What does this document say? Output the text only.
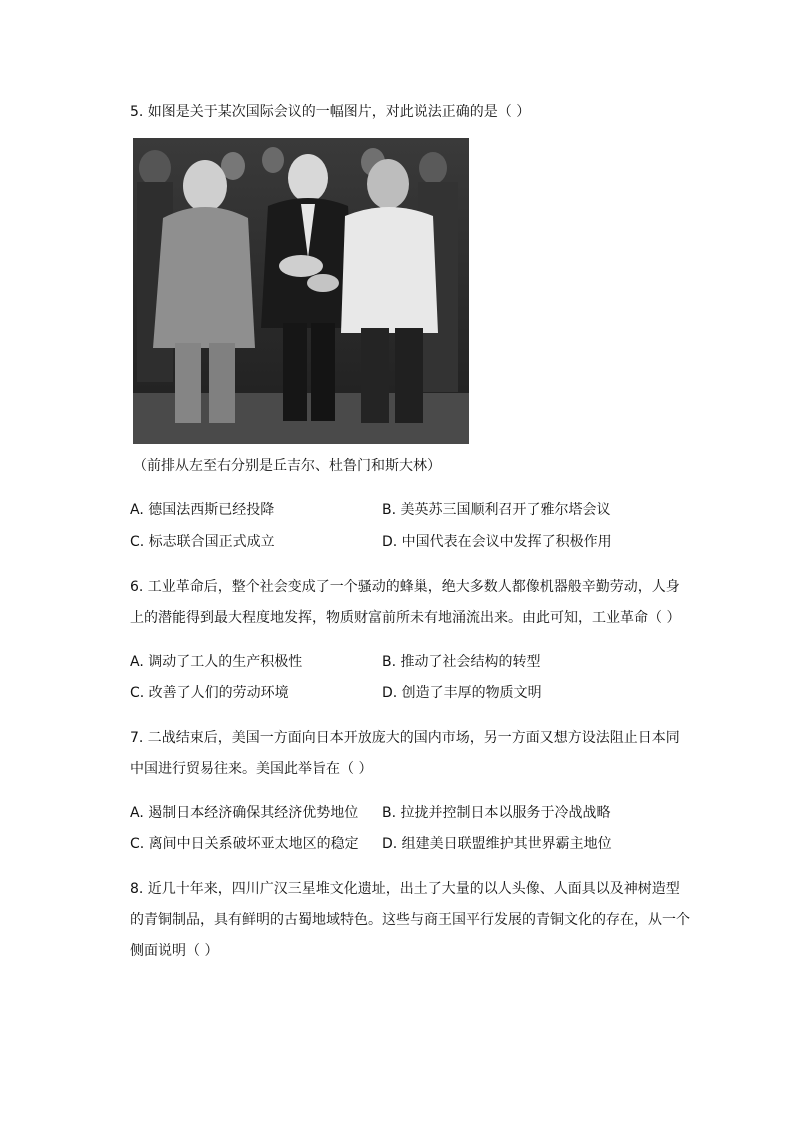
5. 如图是关于某次国际会议的一幅图片，对此说法正确的是（ ）
（前排从左至右分别是丘吉尔、杜鲁门和斯大林）
A. 德国法西斯已经投降	B. 美英苏三国顺利召开了雅尔塔会议
C. 标志联合国正式成立	D. 中国代表在会议中发挥了积极作用
6. 工业革命后，整个社会变成了一个骚动的蜂巢，绝大多数人都像机器般辛勤劳动，人身
上的潜能得到最大程度地发挥，物质财富前所未有地涌流出来。由此可知，工业革命（ ）
A. 调动了工人的生产积极性	B. 推动了社会结构的转型
C. 改善了人们的劳动环境	D. 创造了丰厚的物质文明
7. 二战结束后，美国一方面向日本开放庞大的国内市场，另一方面又想方设法阻止日本同
中国进行贸易往来。美国此举旨在（ ）
A. 遏制日本经济确保其经济优势地位 B. 拉拢并控制日本以服务于冷战战略
C. 离间中日关系破坏亚太地区的稳定 D. 组建美日联盟维护其世界霸主地位
8. 近几十年来，四川广汉三星堆文化遗址，出土了大量的以人头像、人面具以及神树造型
的青铜制品，具有鲜明的古蜀地域特色。这些与商王国平行发展的青铜文化的存在，从一个
侧面说明（ ）
